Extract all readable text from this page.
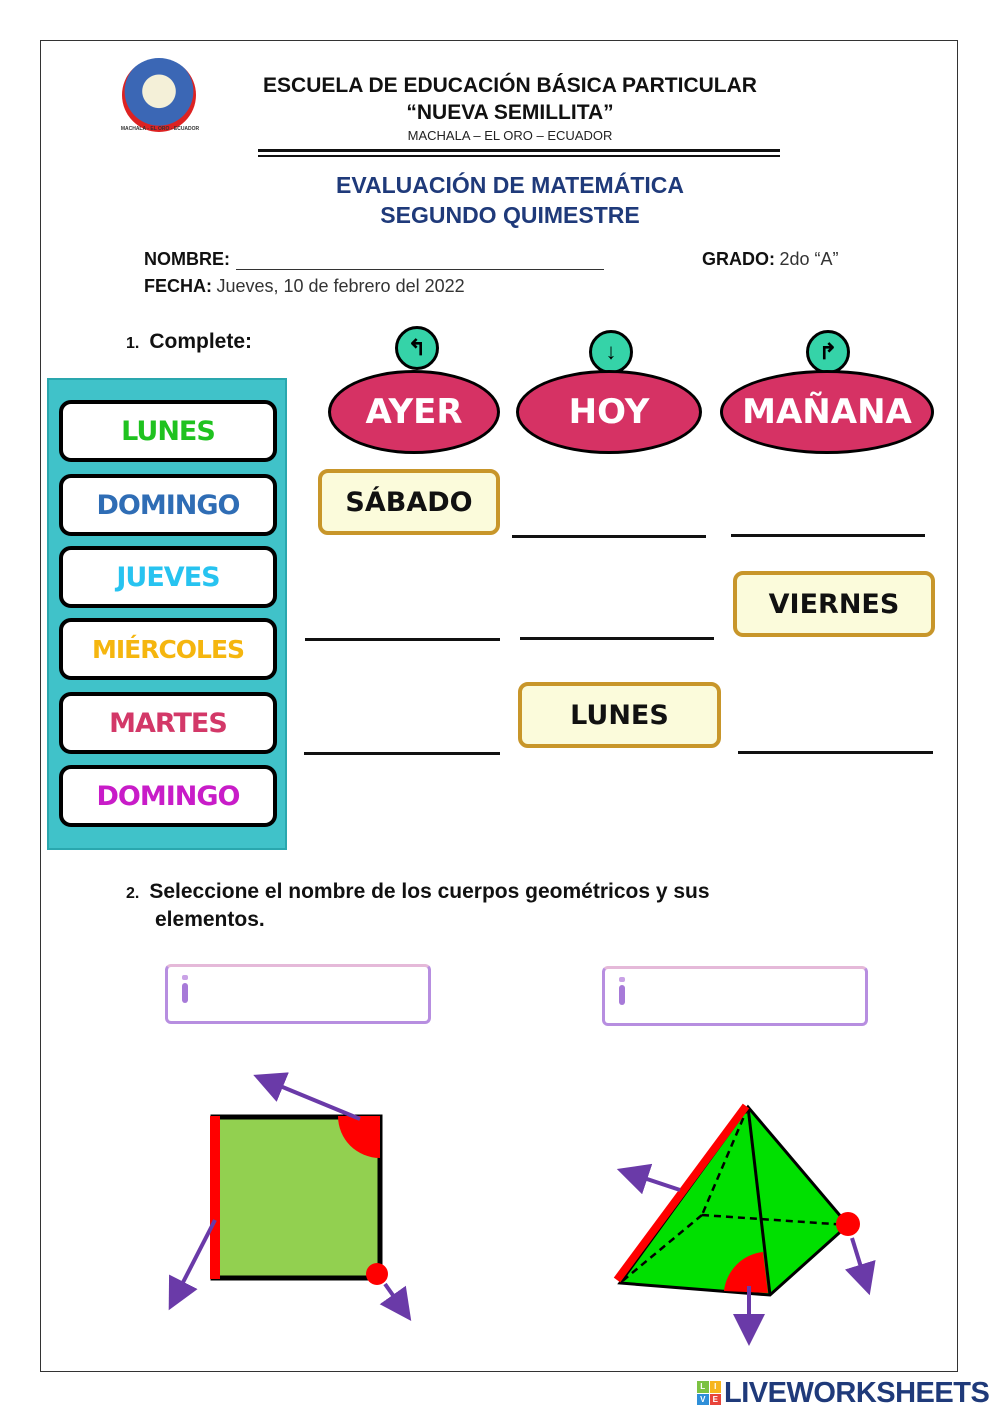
MACHALA - EL ORO - ECUADOR
ESCUELA DE EDUCACIÓN BÁSICA PARTICULAR
“NUEVA SEMILLITA”
MACHALA – EL ORO – ECUADOR
EVALUACIÓN DE MATEMÁTICA
SEGUNDO QUIMESTRE
NOMBRE:	GRADO: 2do “A”
FECHA: Jueves, 10 de febrero del 2022
1. Complete:
LUNES
DOMINGO
JUEVES
MIÉRCOLES
MARTES
DOMINGO
↰
AYER
↓
HOY
↱
MAÑANA
SÁBADO
VIERNES
LUNES
2. Seleccione el nombre de los cuerpos geométricos y sus
elementos.
L	I
V E LIVEWORKSHEETS
